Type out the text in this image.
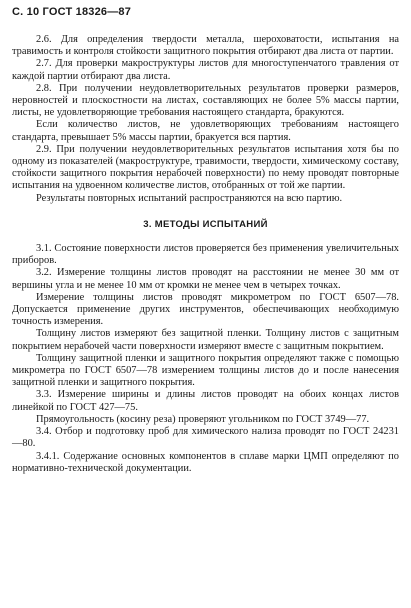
С. 10 ГОСТ 18326—87

2.6. Для определения твердости металла, шероховатости, испытания на травимость и контроля стойкости защитного покрытия отбирают два листа от партии.

2.7. Для проверки макроструктуры листов для многоступенчатого травления от каждой партии отбирают два листа.

2.8. При получении неудовлетворительных результатов проверки размеров, неровностей и плоскостности на листах, составляющих не более 5% массы партии, листы, не удовлетворяющие требования настоящего стандарта, бракуются.

Если количество листов, не удовлетворяющих требованиям настоящего стандарта, превышает 5% массы партии, бракуется вся партия.

2.9. При получении неудовлетворительных результатов испытания хотя бы по одному из показателей (макроструктуре, травимости, твердости, химическому составу, стойкости защитного покрытия нерабочей поверхности) по нему проводят повторные испытания на удвоенном количестве листов, отобранных от той же партии.

Результаты повторных испытаний распространяются на всю партию.

3. МЕТОДЫ ИСПЫТАНИЙ

3.1. Состояние поверхности листов проверяется без применения увеличительных приборов.

3.2. Измерение толщины листов проводят на расстоянии не менее 30 мм от вершины угла и не менее 10 мм от кромки не менее чем в четырех точках.

Измерение толщины листов проводят микрометром по ГОСТ 6507—78. Допускается применение других инструментов, обеспечивающих необходимую точность измерения.

Толщину листов измеряют без защитной пленки. Толщину листов с защитным покрытием нерабочей части поверхности измеряют вместе с защитным покрытием.

Толщину защитной пленки и защитного покрытия определяют также с помощью микрометра по ГОСТ 6507—78 измерением толщины листов до и после нанесения защитной пленки и защитного покрытия.

3.3. Измерение ширины и длины листов проводят на обоих концах листов линейкой по ГОСТ 427—75.

Прямоугольность (косину реза) проверяют угольником по ГОСТ 3749—77.

3.4. Отбор и подготовку проб для химического нализа проводят по ГОСТ 24231—80.

3.4.1. Содержание основных компонентов в сплаве марки ЦМП определяют по нормативно-технической документации.
